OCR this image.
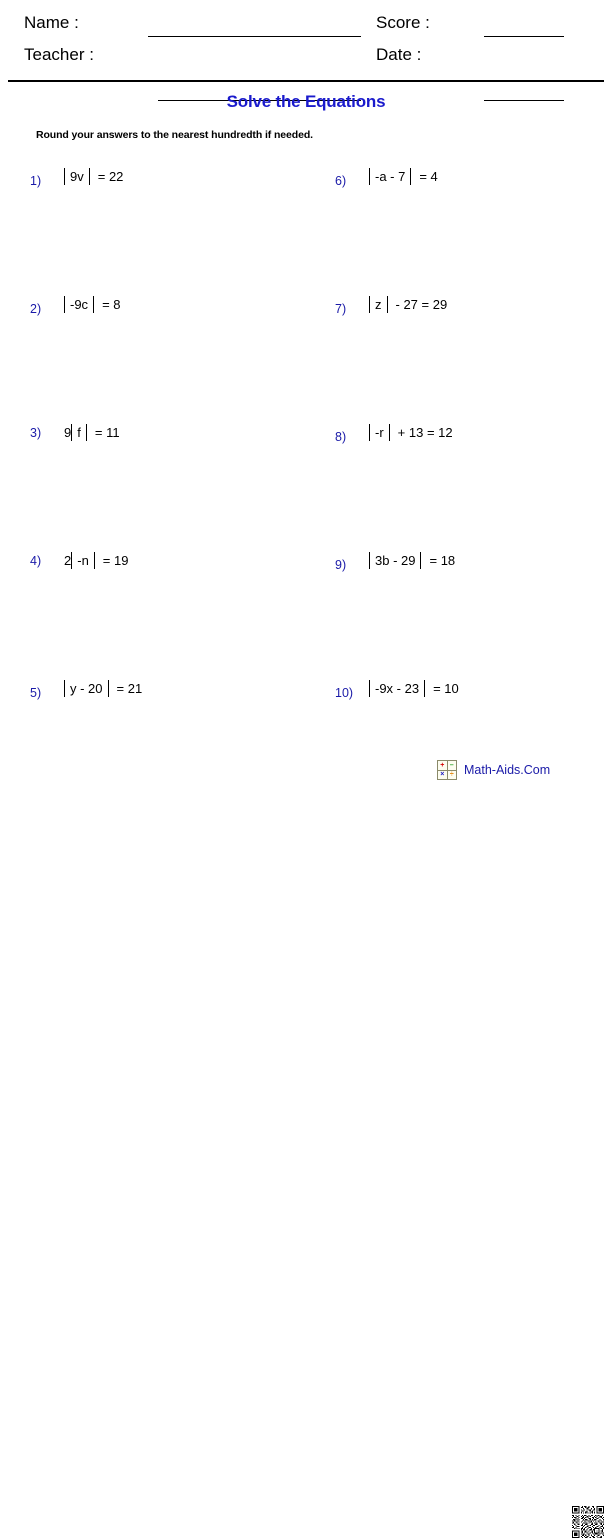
Name :	Score :
Teacher :	Date :
Solve the Equations
Round your answers to the nearest hundredth if needed.
1)	9v	= 22
2)	-9c	= 8
3)	9 f	= 11
4)	2 -n	= 19
5)	y - 20	= 21
6)	-a - 7	= 4
7)	z	- 27 = 29
8)	-r	+ 13 = 12
9)	3b - 29	= 18
10)	-9x - 23	= 10
+ –
× ÷ Math-Aids.Com
